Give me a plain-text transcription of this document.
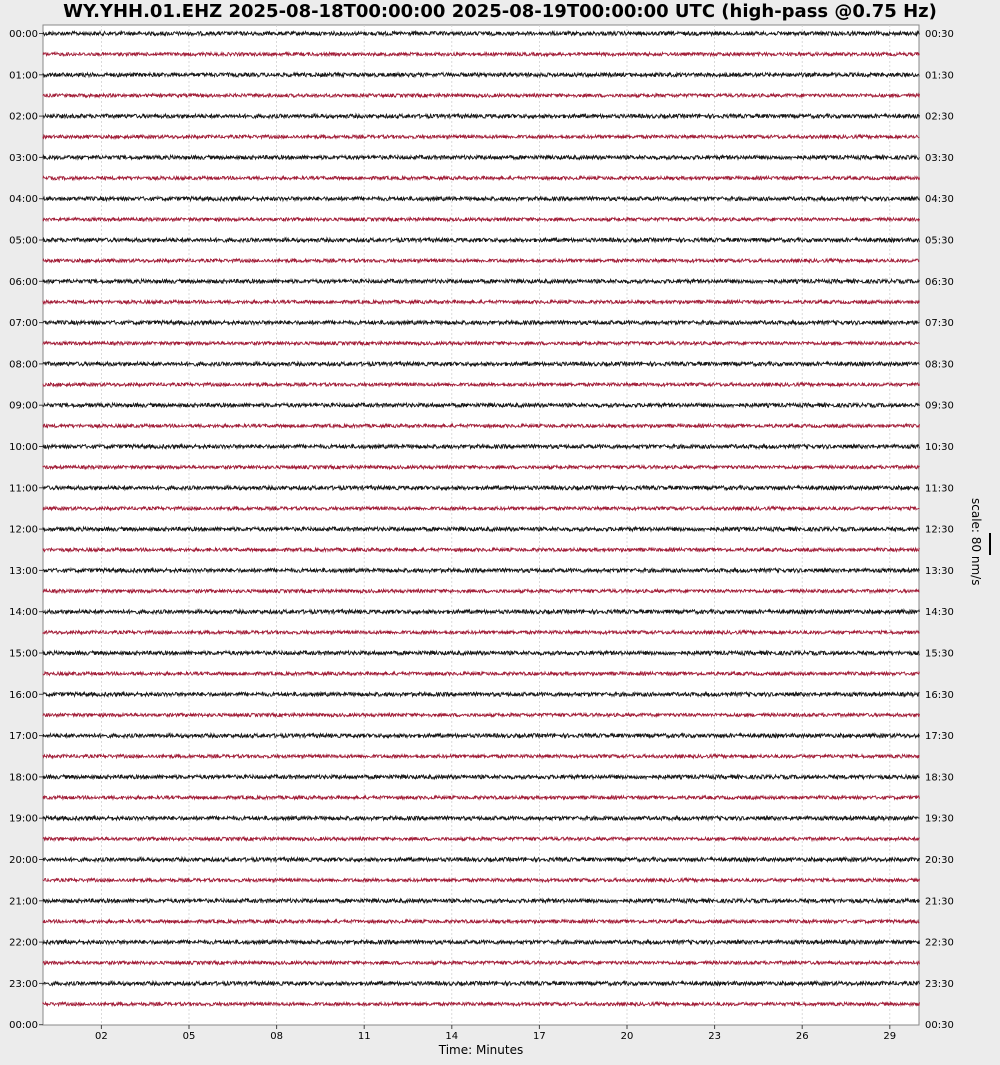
WY.YHH.01.EHZ 2025-08-18T00:00:00 2025-08-19T00:00:00 UTC (high-pass @0.75 Hz)
02	05	08	11	14	17	20	23	26	29
00:00
01:00
02:00
03:00
04:00
05:00
06:00
07:00
08:00
09:00
10:00
11:00
12:00
13:00
14:00
15:00
16:00
17:00
18:00
19:00
20:00
21:00
22:00
23:00
00:00
00:30
01:30
02:30
03:30
04:30
05:30
06:30
07:30
08:30
09:30
10:30
11:30
12:30
13:30
14:30
15:30
16:30
17:30
18:30
19:30
20:30
21:30
22:30
23:30
00:30
scale: 80 nm/s
Time: Minutes
